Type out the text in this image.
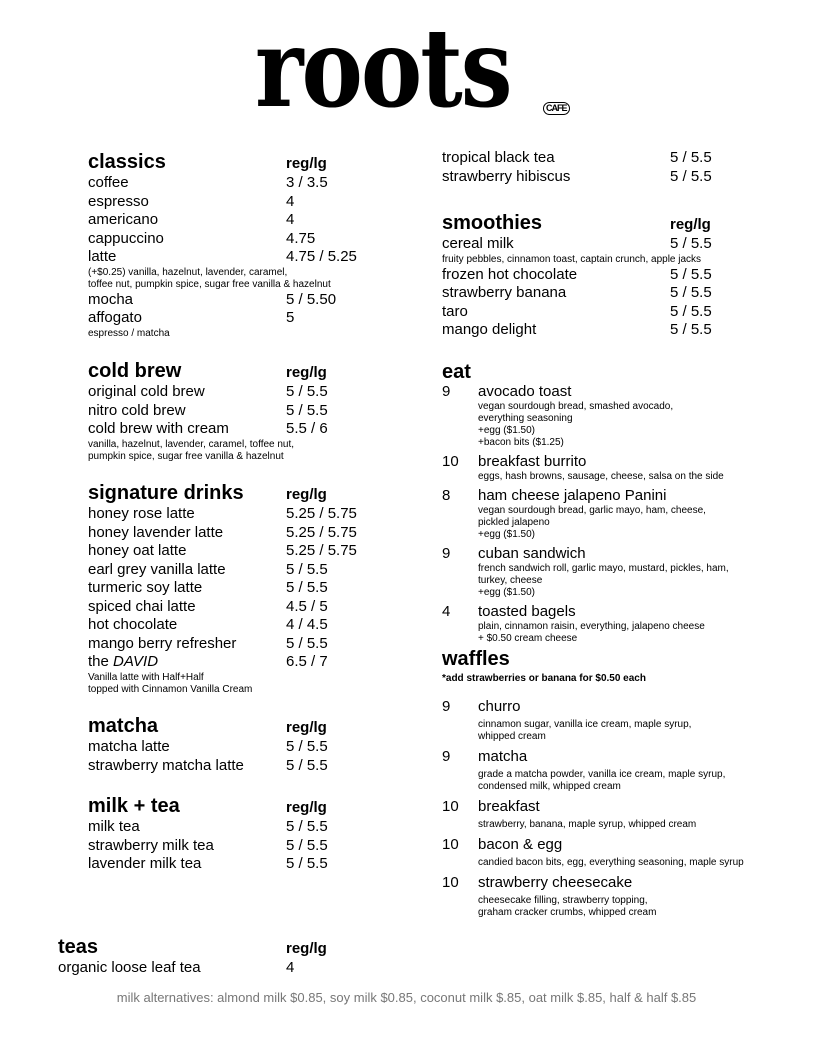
roots	CAFE
classics	reg/lg
coffee	3 / 3.5
espresso	4
americano	4
cappuccino	4.75
latte	4.75 / 5.25
(+$0.25) vanilla, hazelnut, lavender, caramel,
toffee nut, pumpkin spice, sugar free vanilla & hazelnut
mocha	5 / 5.50
affogato	5
espresso / matcha
cold brew	reg/lg
original cold brew	5 / 5.5
nitro cold brew	5 / 5.5
cold brew with cream	5.5 / 6
vanilla, hazelnut, lavender, caramel, toffee nut,
pumpkin spice, sugar free vanilla & hazelnut
signature drinks	reg/lg
honey rose latte	5.25 / 5.75
honey lavender latte	5.25 / 5.75
honey oat latte	5.25 / 5.75
earl grey vanilla latte	5 / 5.5
turmeric soy latte	5 / 5.5
spiced chai latte	4.5 / 5
hot chocolate	4 / 4.5
mango berry refresher	5 / 5.5
the DAVID	6.5 / 7
Vanilla latte with Half+Half
topped with Cinnamon Vanilla Cream
matcha	reg/lg
matcha latte	5 / 5.5
strawberry matcha latte	5 / 5.5
milk + tea	reg/lg
milk tea	5 / 5.5
strawberry milk tea	5 / 5.5
lavender milk tea	5 / 5.5
teas	reg/lg
organic loose leaf tea	4
tropical black tea	5 / 5.5
strawberry hibiscus	5 / 5.5
smoothies	reg/lg
cereal milk	5 / 5.5
fruity pebbles, cinnamon toast, captain crunch, apple jacks
frozen hot chocolate	5 / 5.5
strawberry banana	5 / 5.5
taro	5 / 5.5
mango delight	5 / 5.5
eat
9 avocado toast
vegan sourdough bread, smashed avocado,
everything seasoning
+egg ($1.50)
+bacon bits ($1.25)
10 breakfast burrito
eggs, hash browns, sausage, cheese, salsa on the side
8 ham cheese jalapeno Panini
vegan sourdough bread, garlic mayo, ham, cheese,
pickled jalapeno
+egg ($1.50)
9 cuban sandwich
french sandwich roll, garlic mayo, mustard, pickles, ham,
turkey, cheese
+egg ($1.50)
4 toasted bagels
plain, cinnamon raisin, everything, jalapeno cheese
+ $0.50 cream cheese
waffles
*add strawberries or banana for $0.50 each
9 churro
cinnamon sugar, vanilla ice cream, maple syrup,
whipped cream
9 matcha
grade a matcha powder, vanilla ice cream, maple syrup,
condensed milk, whipped cream
10 breakfast
strawberry, banana, maple syrup, whipped cream
10 bacon & egg
candied bacon bits, egg, everything seasoning, maple syrup
10 strawberry cheesecake
cheesecake filling, strawberry topping,
graham cracker crumbs, whipped cream
milk alternatives: almond milk $0.85, soy milk $0.85, coconut milk $.85, oat milk $.85, half & half $.85
